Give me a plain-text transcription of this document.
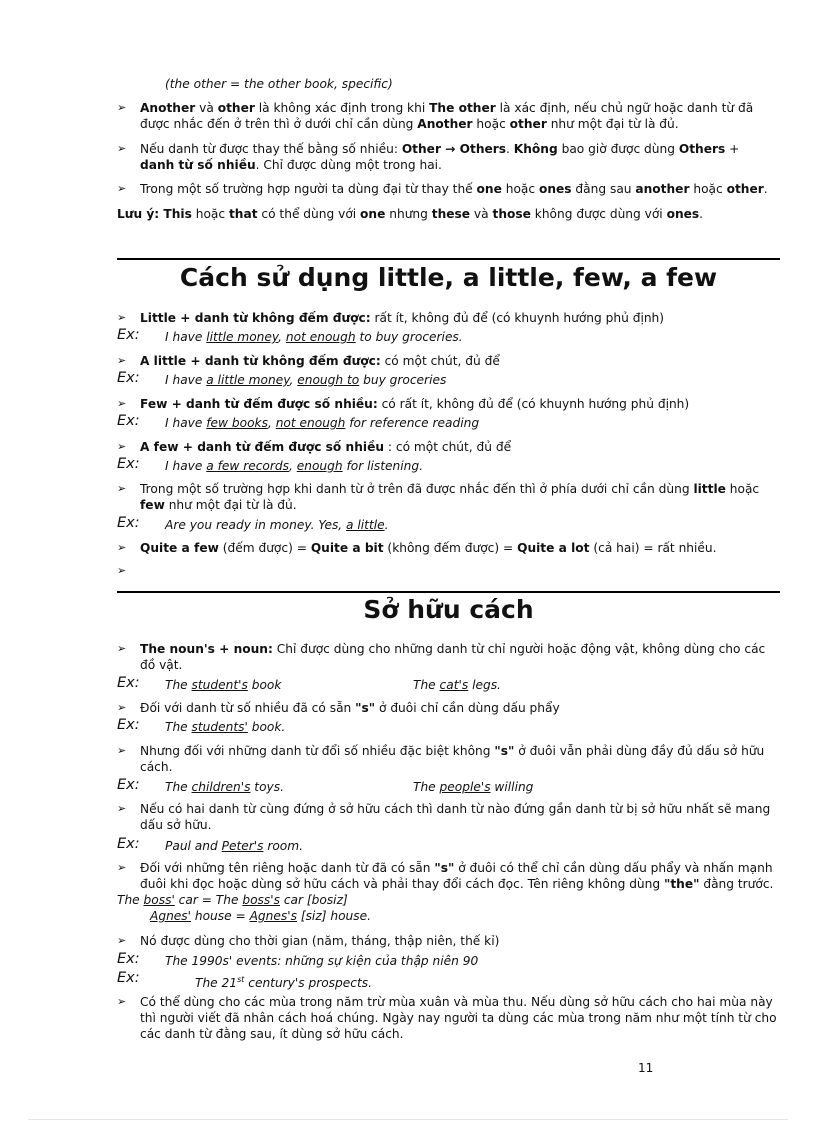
(the other = the other book, specific)
➢ Another và other là không xác định trong khi The other là xác định, nếu chủ ngữ hoặc danh từ đã
được nhắc đến ở trên thì ở dưới chỉ cần dùng Another hoặc other như một đại từ là đủ.
➢ Nếu danh từ được thay thế bằng số nhiều: Other → Others. Không bao giờ được dùng Others +
danh từ số nhiều. Chỉ được dùng một trong hai.
➢ Trong một số trường hợp người ta dùng đại từ thay thế one hoặc ones đằng sau another hoặc other.
Lưu ý: This hoặc that có thể dùng với one nhưng these và those không được dùng với ones.
Cách sử dụng little, a little, few, a few
➢ Little + danh từ không đếm được: rất ít, không đủ để (có khuynh hướng phủ định)
Ex: I have little money, not enough to buy groceries.
➢ A little + danh từ không đếm được: có một chút, đủ để
Ex: I have a little money, enough to buy groceries
➢ Few + danh từ đếm được số nhiều: có rất ít, không đủ để (có khuynh hướng phủ định)
Ex: I have few books, not enough for reference reading
➢ A few + danh từ đếm được số nhiều : có một chút, đủ để
Ex: I have a few records, enough for listening.
➢ Trong một số trường hợp khi danh từ ở trên đã được nhắc đến thì ở phía dưới chỉ cần dùng little hoặc
few như một đại từ là đủ.
Ex: Are you ready in money. Yes, a little.
➢ Quite a few (đếm được) = Quite a bit (không đếm được) = Quite a lot (cả hai) = rất nhiều.
➢
Sở hữu cách
➢ The noun's + noun: Chỉ được dùng cho những danh từ chỉ người hoặc động vật, không dùng cho các
đồ vật.
Ex: The student's book	The cat's legs.
➢ Đối với danh từ số nhiều đã có sẵn "s" ở đuôi chỉ cần dùng dấu phẩy
Ex: The students' book.
➢ Nhưng đối với những danh từ đổi số nhiều đặc biệt không "s" ở đuôi vẫn phải dùng đầy đủ dấu sở hữu
cách.
Ex: The children's toys.	The people's willing
➢ Nếu có hai danh từ cùng đứng ở sở hữu cách thì danh từ nào đứng gần danh từ bị sở hữu nhất sẽ mang
dấu sở hữu.
Ex: Paul and Peter's room.
➢ Đối với những tên riêng hoặc danh từ đã có sẵn "s" ở đuôi có thể chỉ cần dùng dấu phẩy và nhấn mạnh
đuôi khi đọc hoặc dùng sở hữu cách và phải thay đổi cách đọc. Tên riêng không dùng "the" đằng trước.
The boss' car = The boss's car [bosiz]
Agnes' house = Agnes's [siz] house.
➢ Nó được dùng cho thời gian (năm, tháng, thập niên, thế kỉ)
Ex: The 1990s' events: những sự kiện của thập niên 90
Ex:	The 21st century's prospects.
➢ Có thể dùng cho các mùa trong năm trừ mùa xuân và mùa thu. Nếu dùng sở hữu cách cho hai mùa này
thì người viết đã nhân cách hoá chúng. Ngày nay người ta dùng các mùa trong năm như một tính từ cho
các danh từ đằng sau, ít dùng sở hữu cách.
11
